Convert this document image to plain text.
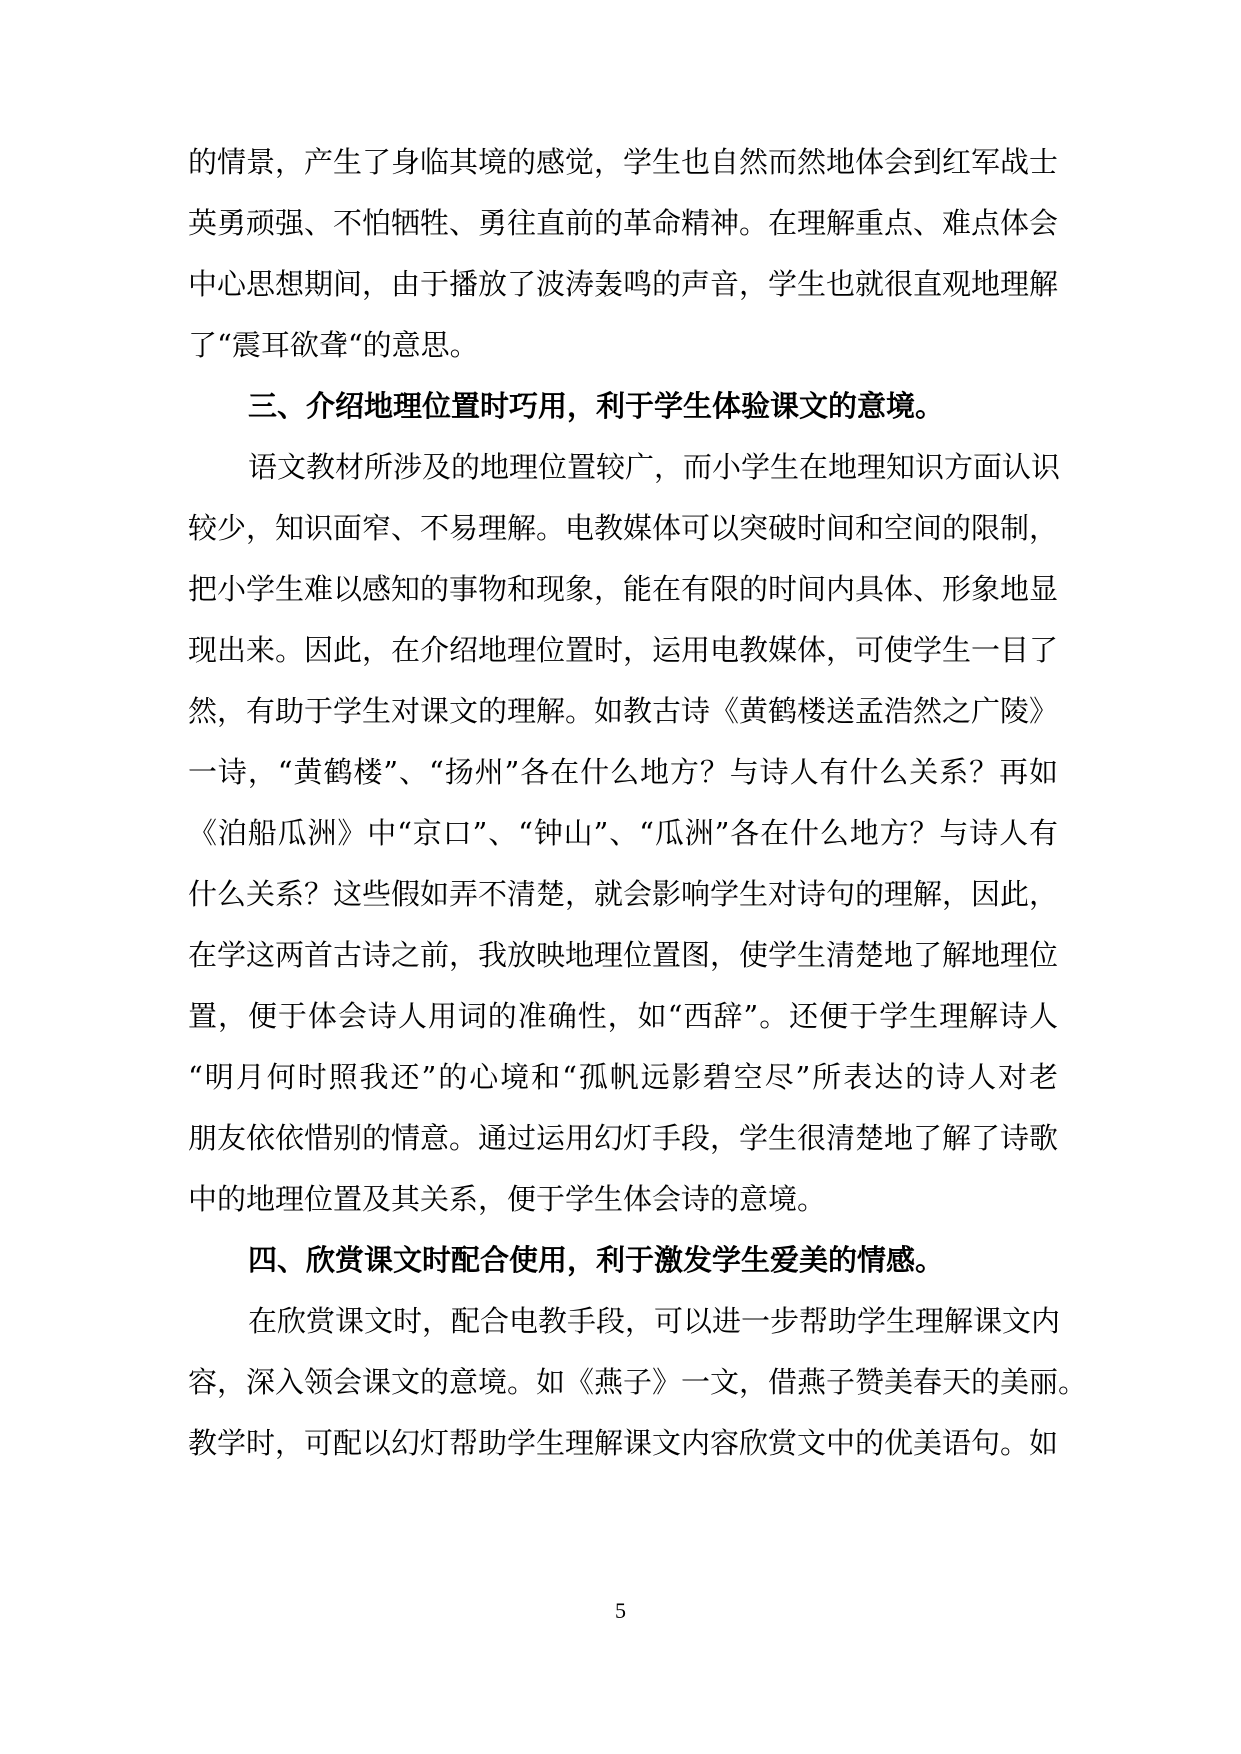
的情景，产生了身临其境的感觉，学生也自然而然地体会到红军战士
英勇顽强、不怕牺牲、勇往直前的革命精神。在理解重点、难点体会
中心思想期间，由于播放了波涛轰鸣的声音，学生也就很直观地理解
了“震耳欲聋“的意思。
三、介绍地理位置时巧用，利于学生体验课文的意境。
语文教材所涉及的地理位置较广，而小学生在地理知识方面认识
较少，知识面窄、不易理解。电教媒体可以突破时间和空间的限制，
把小学生难以感知的事物和现象，能在有限的时间内具体、形象地显
现出来。因此，在介绍地理位置时，运用电教媒体，可使学生一目了
然，有助于学生对课文的理解。如教古诗《黄鹤楼送孟浩然之广陵》
一诗，“黄鹤楼”、“扬州”各在什么地方？与诗人有什么关系？再如
《泊船瓜洲》中“京口”、“钟山”、“瓜洲”各在什么地方？与诗人有
什么关系？这些假如弄不清楚，就会影响学生对诗句的理解，因此，
在学这两首古诗之前，我放映地理位置图，使学生清楚地了解地理位
置，便于体会诗人用词的准确性，如“西辞”。还便于学生理解诗人
“明月何时照我还”的心境和“孤帆远影碧空尽”所表达的诗人对老
朋友依依惜别的情意。通过运用幻灯手段，学生很清楚地了解了诗歌
中的地理位置及其关系，便于学生体会诗的意境。
四、欣赏课文时配合使用，利于激发学生爱美的情感。
在欣赏课文时，配合电教手段，可以进一步帮助学生理解课文内
容，深入领会课文的意境。如《燕子》一文，借燕子赞美春天的美丽。
教学时，可配以幻灯帮助学生理解课文内容欣赏文中的优美语句。如
5
